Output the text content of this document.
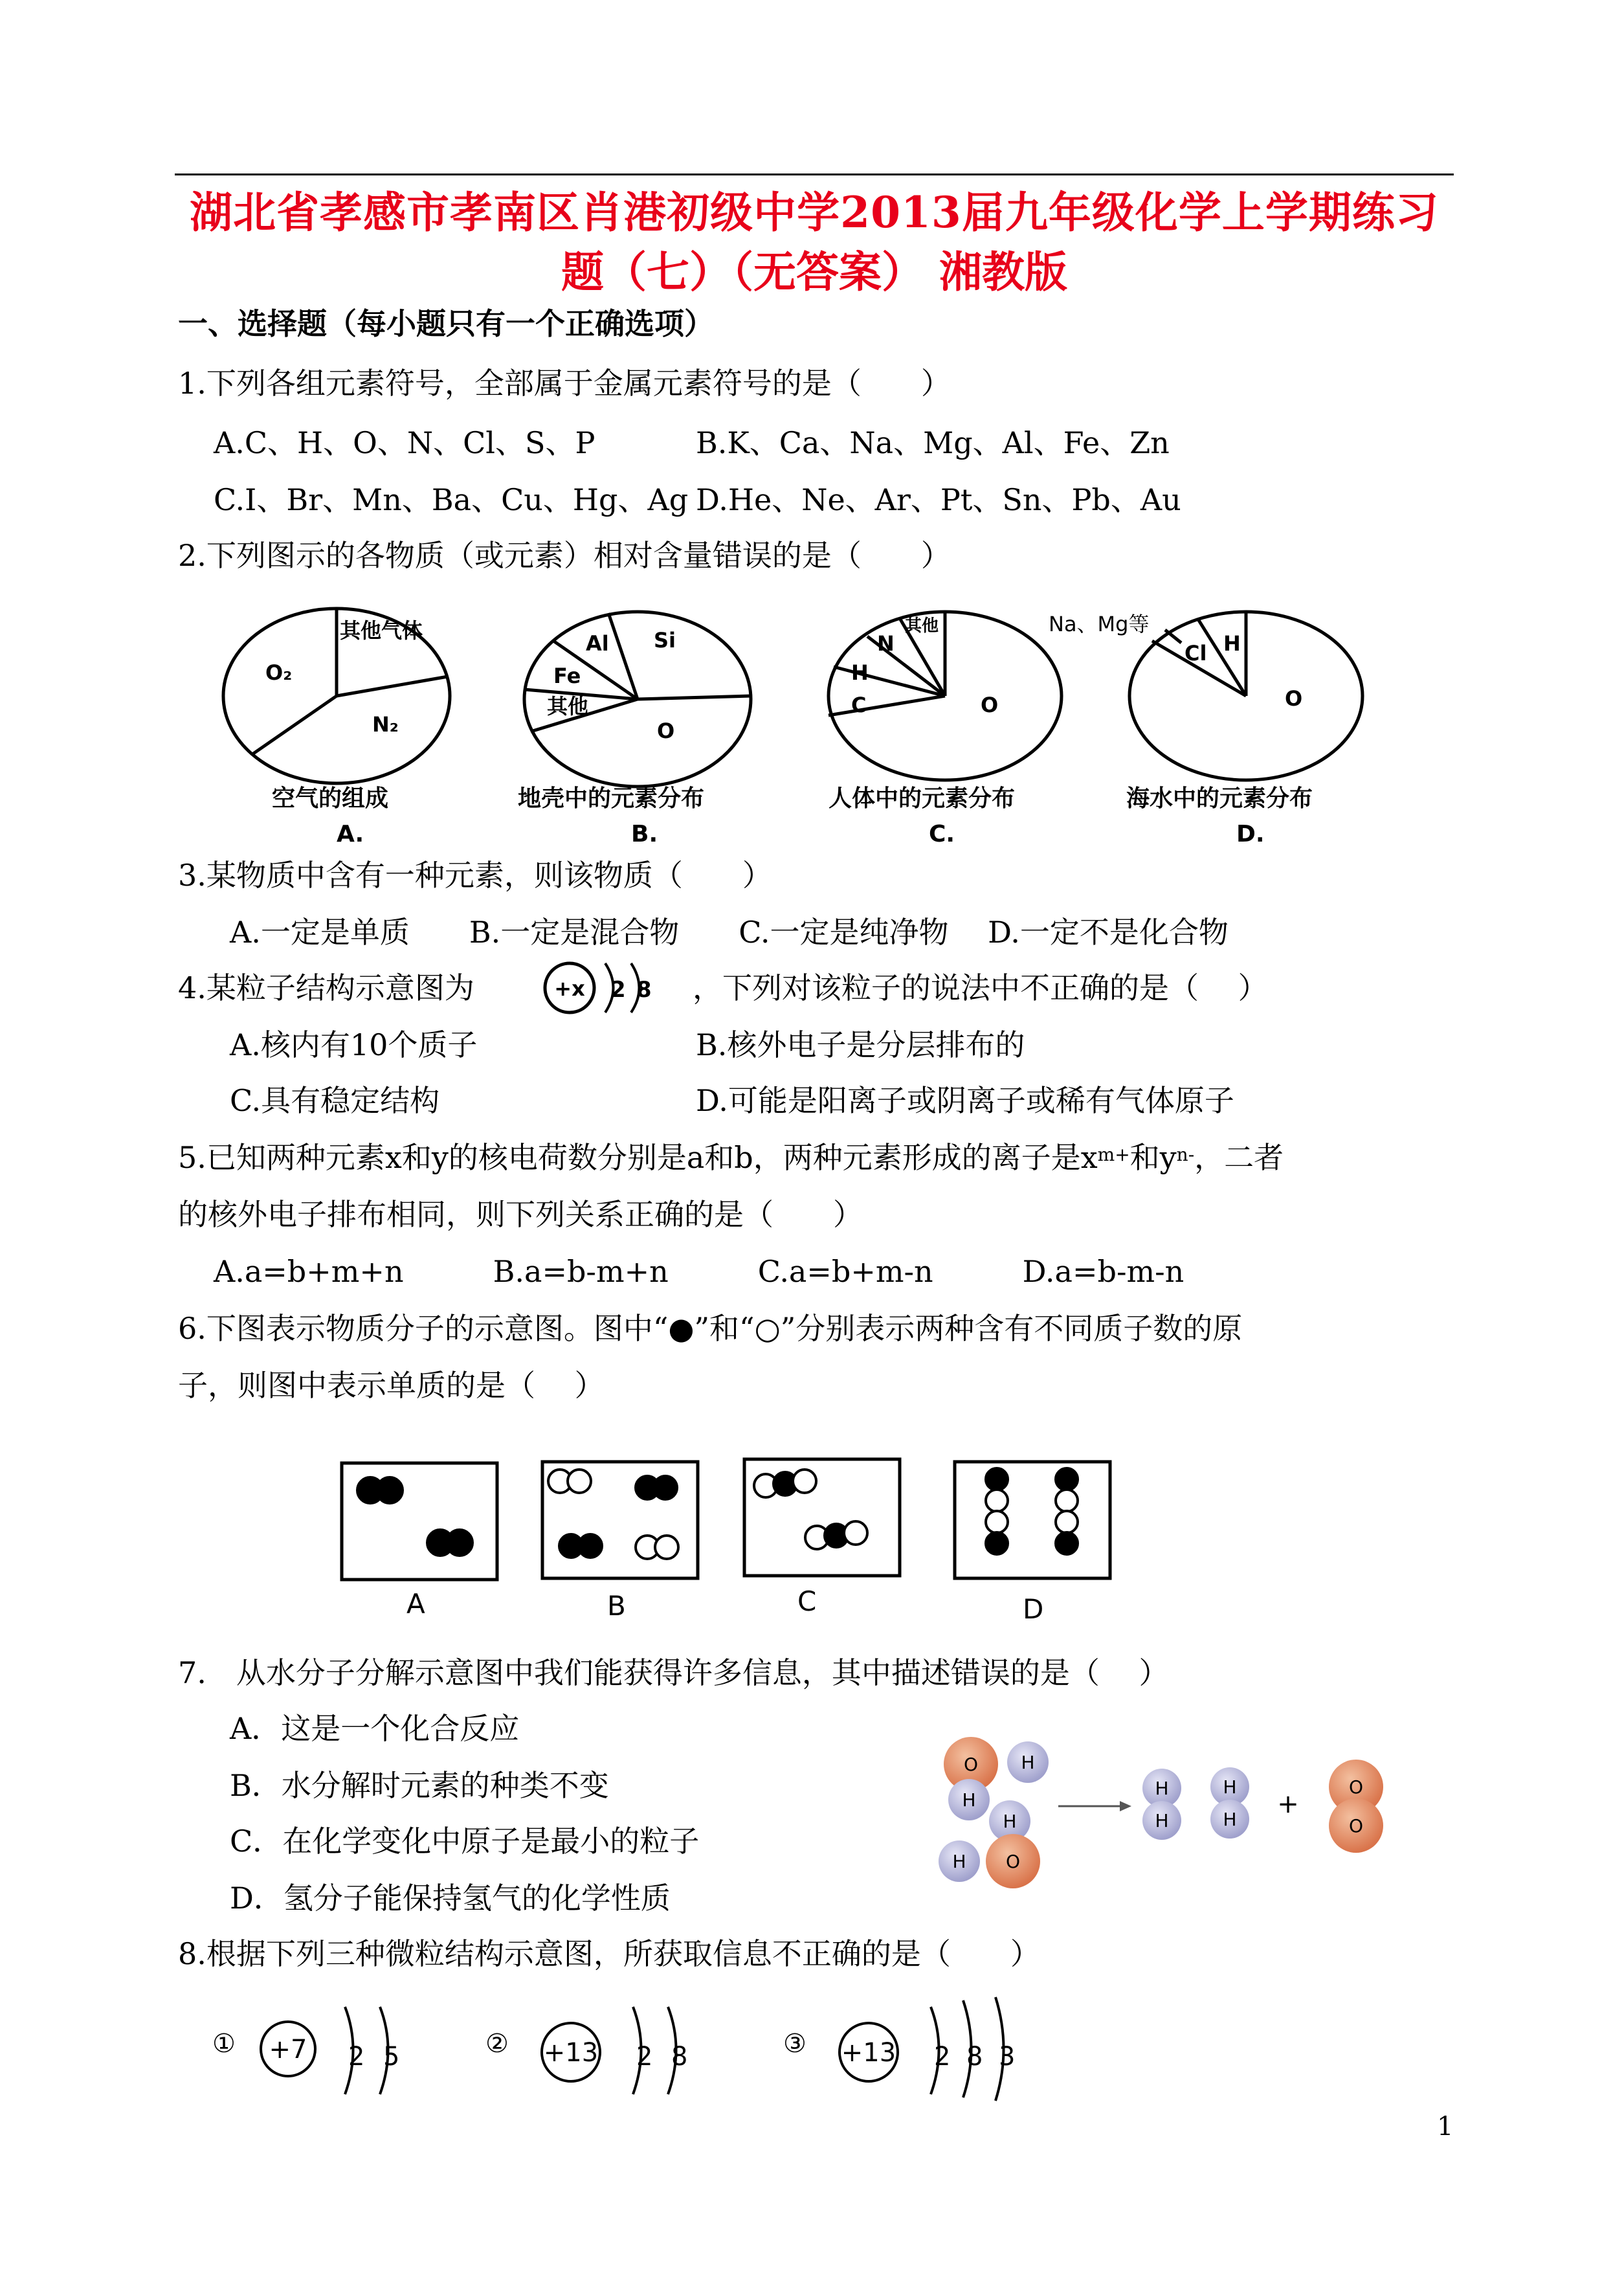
湖北省孝感市孝南区肖港初级中学2013届九年级化学上学期练习
题（七）（无答案） 湘教版
一、选择题（每小题只有一个正确选项）
1.下列各组元素符号，全部属于金属元素符号的是（　　）
A.C、H、O、N、Cl、S、P	B.K、Ca、Na、Mg、Al、Fe、Zn
C.I、Br、Mn、Ba、Cu、Hg、Ag D.He、Ne、Ar、Pt、Sn、Pb、Au
2.下列图示的各物质（或元素）相对含量错误的是（　　）
其他气体
O₂
N₂
Al Si
Fe
其他
O
其他
N
H
C	O
Na、Mg等
Cl H
O
空气的组成	地壳中的元素分布	人体中的元素分布	海水中的元素分布
A.	B.	C.	D.
3.某物质中含有一种元素，则该物质（　　）
A.一定是单质　　B.一定是混合物　　C.一定是纯净物　 D.一定不是化合物
4.某粒子结构示意图为	+x 2 8 ，下列对该粒子的说法中不正确的是（　 ）
A.核内有10个质子	B.核外电子是分层排布的
C.具有稳定结构	D.可能是阳离子或阴离子或稀有气体原子
5.已知两种元素x和y的核电荷数分别是a和b，两种元素形成的离子是$x^{m+}$和$y^{n-}$，二者
的核外电子排布相同，则下列关系正确的是（　　）
A.a=b+m+n　　　B.a=b-m+n　　　C.a=b+m-n　　　D.a=b-m-n
6.下图表示物质分子的示意图。图中“●”和“○”分别表示两种含有不同质子数的原
子，则图中表示单质的是（　 ）
A	B	C	D
7.　从水分子分解示意图中我们能获得许多信息，其中描述错误的是（　 ）
A．这是一个化合反应
B．水分解时元素的种类不变
C．在化学变化中原子是最小的粒子
D．氢分子能保持氢气的化学性质
O H
H
H
H O
H
H
H
H
+
O
O
8.根据下列三种微粒结构示意图，所获取信息不正确的是（　　）
① +7 2 5	② +13 2 8	③ +13 2 8 3
1
